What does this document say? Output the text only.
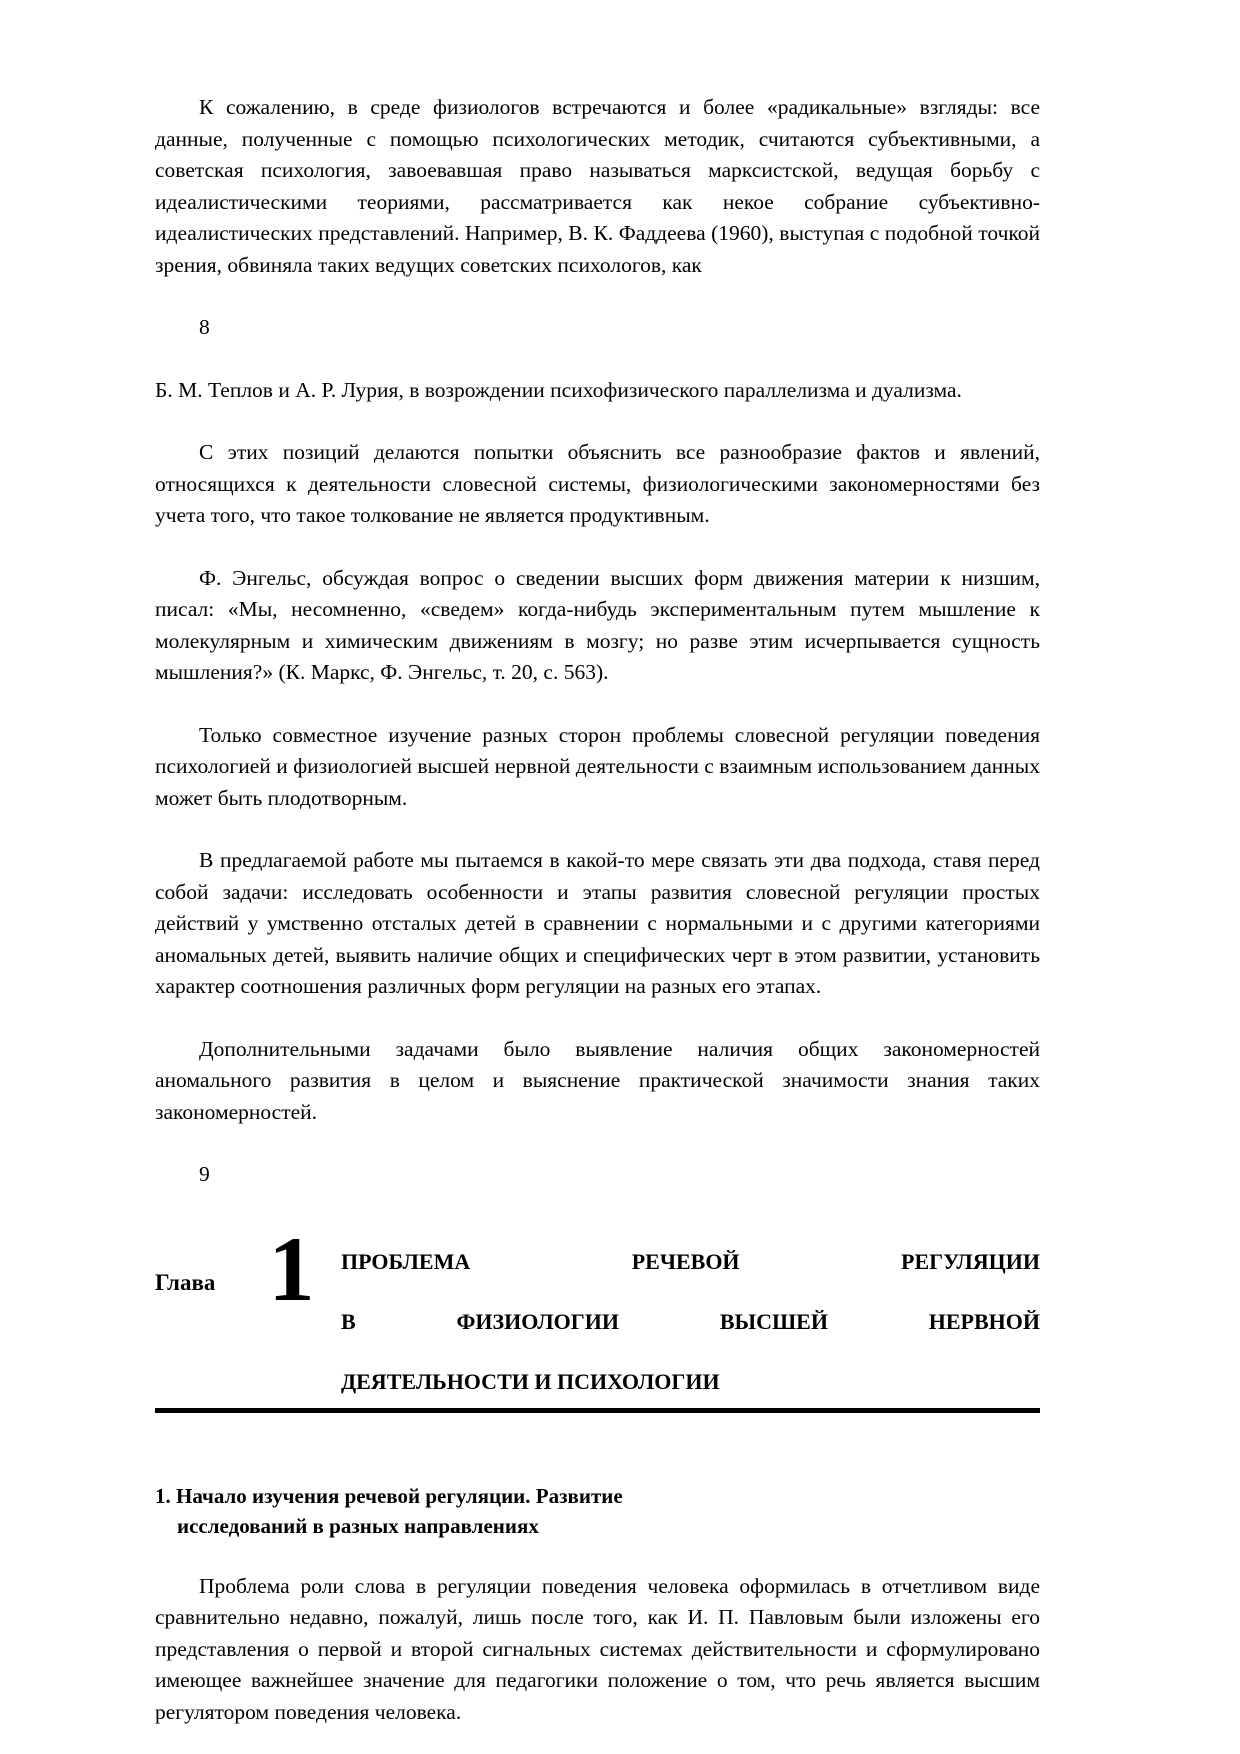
К сожалению, в среде физиологов встречаются и более «радикальные» взгляды: все данные, полученные с помощью психологических методик, считаются субъективными, а советская психология, завоевавшая право называться марксистской, ведущая борьбу с идеалистическими теориями, рассматривается как некое собрание субъективно-идеалистических представлений. Например, В. К. Фаддеева (1960), выступая с подобной точкой зрения, обвиняла таких ведущих советских психологов, как

8

Б. М. Теплов и А. Р. Лурия, в возрождении психофизического параллелизма и дуализма.

С этих позиций делаются попытки объяснить все разнообразие фактов и явлений, относящихся к деятельности словесной системы, физиологическими закономерностями без учета того, что такое толкование не является продуктивным.

Ф. Энгельс, обсуждая вопрос о сведении высших форм движения материи к низшим, писал: «Мы, несомненно, «сведем» когда-нибудь экспериментальным путем мышление к молекулярным и химическим движениям в мозгу; но разве этим исчерпывается сущность мышления?» (К. Маркс, Ф. Энгельс, т. 20, с. 563).

Только совместное изучение разных сторон проблемы словесной регуляции поведения психологией и физиологией высшей нервной деятельности с взаимным использованием данных может быть плодотворным.

В предлагаемой работе мы пытаемся в какой-то мере связать эти два подхода, ставя перед собой задачи: исследовать особенности и этапы развития словесной регуляции простых действий у умственно отсталых детей в сравнении с нормальными и с другими категориями аномальных детей, выявить наличие общих и специфических черт в этом развитии, установить характер соотношения различных форм регуляции на разных его этапах.

Дополнительными задачами было выявление наличия общих закономерностей аномального развития в целом и выяснение практической значимости знания таких закономерностей.

9

Глава 1	ПРОБЛЕМА РЕЧЕВОЙ РЕГУЛЯЦИИ
В ФИЗИОЛОГИИ ВЫСШЕЙ НЕРВНОЙ
ДЕЯТЕЛЬНОСТИ И ПСИХОЛОГИИ
1. Начало изучения речевой регуляции. Развитие
исследований в разных направлениях

Проблема роли слова в регуляции поведения человека оформилась в отчетливом виде сравнительно недавно, пожалуй, лишь после того, как И. П. Павловым были изложены его представления о первой и второй сигнальных системах действительности и сформулировано имеющее важнейшее значение для педагогики положение о том, что речь является высшим регулятором поведения человека.
